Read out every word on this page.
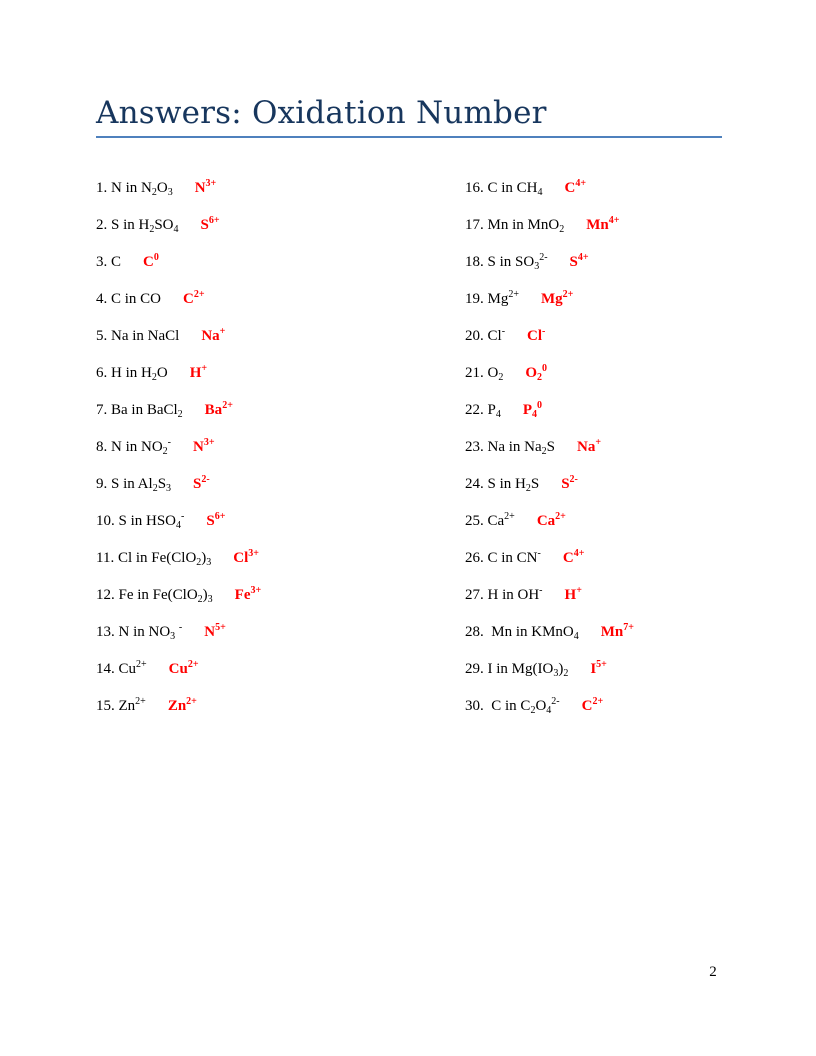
Answers: Oxidation Number
1. N in $N_2O_3$ $N^{3+}$
2. S in $H_2SO_4$ $S^{6+}$
3. C $C^0$
4. C in CO $C^{2+}$
5. Na in NaCl Na+
6. H in $H_2O$ H+
7. Ba in BaCl$_2$ $Ba^{2+}$
8. N in $NO_2^-$ $N^{3+}$
9. S in $Al_2S_3$ $S^{2-}$
10. S in $HSO_4^-$ $S^{6+}$
11. Cl in $Fe(ClO_2)_3$ $Cl^{3+}$
12. Fe in $Fe(ClO_2)_3$ $Fe^{3+}$
13. N in $NO_3$ - $N^{5+}$
14. $Cu^{2+}$ $Cu^{2+}$
15. $Zn^{2+}$ $Zn^{2+}$
16. C in $CH_4$ $C^{4+}$
17. Mn in MnO$_2$ $Mn^{4+}$
18. S in $SO_3^{2-}$ $S^{4+}$
19. $Mg^{2+}$ $Mg^{2+}$
20. Cl- Cl-
21. $O_2$ $O_2^0$
22. $P_4$ $P_4^0$
23. Na in $Na_2S$ Na+
24. S in $H_2S$ $S^{2-}$
25. $Ca^{2+}$ $Ca^{2+}$
26. C in CN- $C^{4+}$
27. H in OH- H+
28.  Mn in KMnO$_4$ $Mn^{7+}$
29. I in $Mg(IO_3)_2$ $I^{5+}$
30.  C in $C_2O_4^{2-}$ $C^{2+}$
2
